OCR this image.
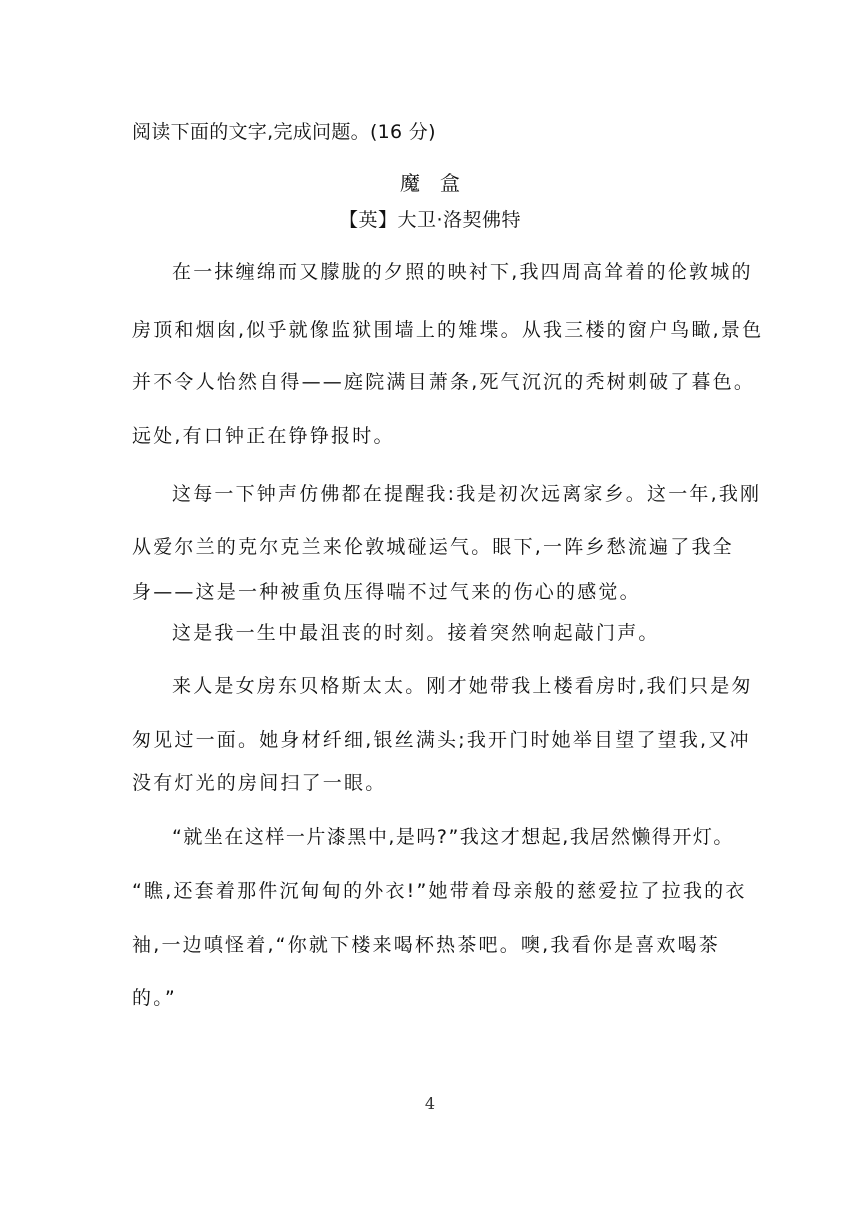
阅读下面的文字,完成问题。(16 分)
魔　盒
【英】大卫·洛契佛特
在一抹缠绵而又朦胧的夕照的映衬下,我四周高耸着的伦敦城的
房顶和烟囱,似乎就像监狱围墙上的雉堞。从我三楼的窗户鸟瞰,景色
并不令人怡然自得——庭院满目萧条,死气沉沉的秃树刺破了暮色。
远处,有口钟正在铮铮报时。
这每一下钟声仿佛都在提醒我:我是初次远离家乡。这一年,我刚
从爱尔兰的克尔克兰来伦敦城碰运气。眼下,一阵乡愁流遍了我全
身——这是一种被重负压得喘不过气来的伤心的感觉。
这是我一生中最沮丧的时刻。接着突然响起敲门声。
来人是女房东贝格斯太太。刚才她带我上楼看房时,我们只是匆
匆见过一面。她身材纤细,银丝满头;我开门时她举目望了望我,又冲
没有灯光的房间扫了一眼。
“就坐在这样一片漆黑中,是吗?”我这才想起,我居然懒得开灯。
“瞧,还套着那件沉甸甸的外衣!”她带着母亲般的慈爱拉了拉我的衣
袖,一边嗔怪着,“你就下楼来喝杯热茶吧。噢,我看你是喜欢喝茶
的。”
4
